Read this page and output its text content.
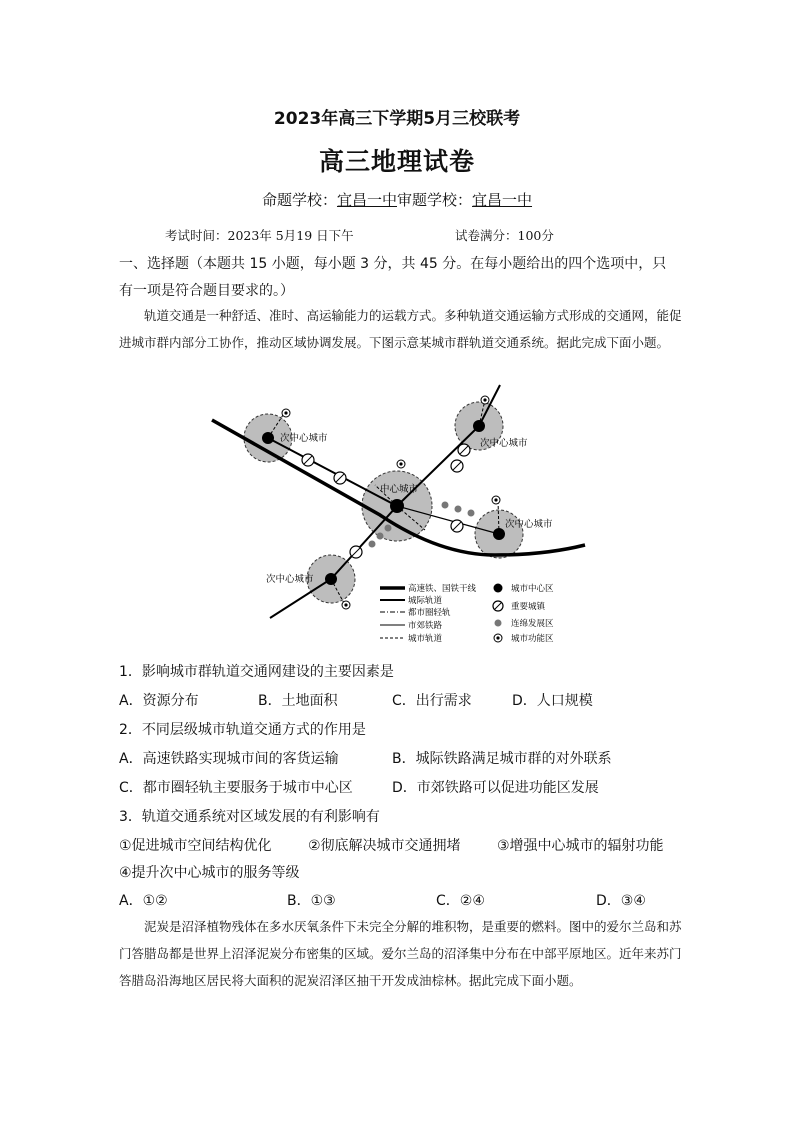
2023年高三下学期5月三校联考
高三地理试卷
命题学校：宜昌一中审题学校：宜昌一中
考试时间：2023年 5月19 日下午	试卷满分：100分
一、选择题（本题共 15 小题，每小题 3 分，共 45 分。在每小题给出的四个选项中，只
有一项是符合题目要求的。）
轨道交通是一种舒适、准时、高运输能力的运载方式。多种轨道交通运输方式形成的交通网，能促进城市群内部分工协作，推动区域协调发展。下图示意某城市群轨道交通系统。据此完成下面小题。
次中心城市	次中心城市
中心城市
次中心城市
次中心城市
高速铁、国铁干线
城际轨道
都市圈轻轨
市郊铁路
城市轨道
城市中心区
重要城镇
连绵发展区
城市功能区
1．影响城市群轨道交通网建设的主要因素是
A．资源分布	B．土地面积	C．出行需求	D．人口规模
2．不同层级城市轨道交通方式的作用是
A．高速铁路实现城市间的客货运输	B．城际铁路满足城市群的对外联系
C．都市圈轻轨主要服务于城市中心区	D．市郊铁路可以促进功能区发展
3．轨道交通系统对区域发展的有利影响有
①促进城市空间结构优化	②彻底解决城市交通拥堵	③增强中心城市的辐射功能
④提升次中心城市的服务等级
A．①②	B．①③	C．②④	D．③④
泥炭是沼泽植物残体在多水厌氧条件下未完全分解的堆积物，是重要的燃料。图中的爱尔兰岛和苏门答腊岛都是世界上沼泽泥炭分布密集的区域。爱尔兰岛的沼泽集中分布在中部平原地区。近年来苏门答腊岛沿海地区居民将大面积的泥炭沼泽区抽干开发成油棕林。据此完成下面小题。
